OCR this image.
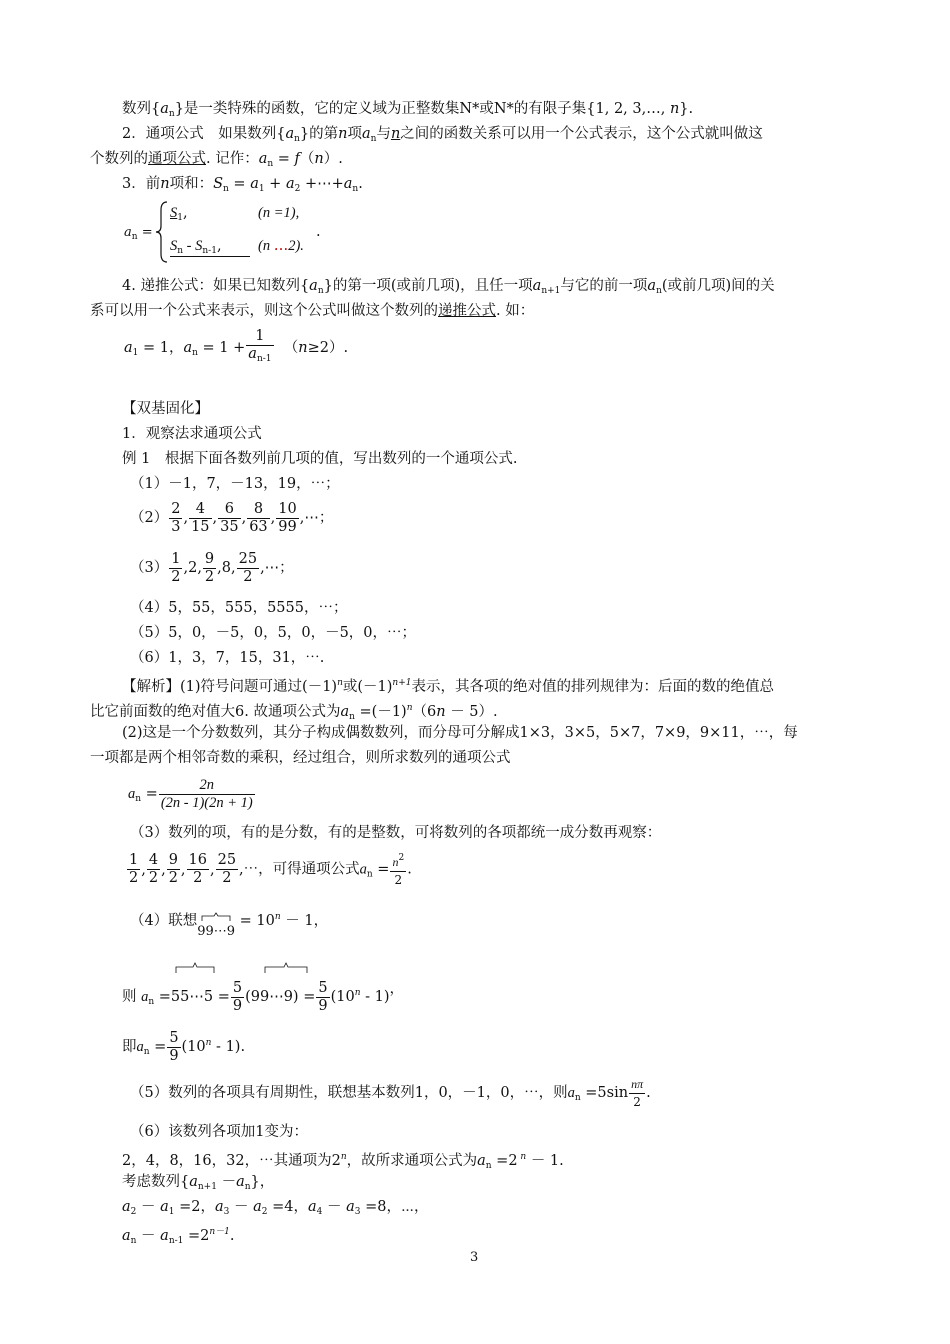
数列$\{a_n\}$是一类特殊的函数，它的定义域为正整数集N*或N*的有限子集{1, 2, 3,…, n}.
2．通项公式　如果数列$\{a_n\}$的第n项$a_n$与n之间的函数关系可以用一个公式表示，这个公式就叫做这
个数列的通项公式. 记作：$a_n = f(n)$.
3．前n项和：$S_n = a_1 + a_2$ $+\cdots+a_n$.
$a_n$ =
$S_1$,	(n =1),
$S_n - S_{n-1}$,	(n …2).
.
4. 递推公式：如果已知数列$\{a_n\}$的第一项(或前几项)，且任一项$a_{n+1}$与它的前一项$a_n$(或前几项)间的关
系可以用一个公式来表示，则这个公式叫做这个数列的递推公式. 如：
$a_1 = 1$，$a_n = 1 + \frac{1}{a_{n-1}} (n\ge 2)$.
【双基固化】
1．观察法求通项公式
例 1　根据下面各数列前几项的值，写出数列的一个通项公式.
（1）－1，7，－13，19，⋯；
$(2) \frac{2}{3}$ , $\frac{4}{15}$ , $\frac{6}{35}$ , $\frac{8}{63}$ , $\frac{10}{99}$ ,⋯；
$(3) \frac{1}{2} ,2$, $\frac{9}{2} ,8$, $\frac{25}{2}$ ,⋯；
（4）5，55，555，5555，⋯；
（5）5，0，－5，0，5，0，－5，0，⋯；
（6）1，3，7，15，31，⋯.
【解析】(1)符号问题可通过$(-1)^n$或$(-1)^{n+1}$表示，其各项的绝对值的排列规律为：后面的数的绝值总
比它前面数的绝对值大6. 故通项公式为$a_n =(-1)^n(6n - 5)$.
(2)这是一个分数数列，其分子构成偶数数列，而分母可分解成1×3，3×5，5×7，7×9，9×11，⋯，每
一项都是两个相邻奇数的乘积，经过组合，则所求数列的通项公式
$a_n = \frac{2n}{(2n - 1)(2n + 1)}$
（3）数列的项，有的是分数，有的是整数，可将数列的各项都统一成分数再观察：
$\frac{1}{2}$ , $\frac{4}{2}$ , $\frac{9}{2}$ , $\frac{16}{2}$ , $\frac{25}{2}$ ,⋯，可得通项公式$a_n = \frac{n^2}{2}$ .
（4）联想99⋯9
= $10^n - 1$，
则 $a_n$ =55⋯5 = $\frac{5}{9}$ (99⋯9) = $\frac{5}{9} (10^n - 1)$，
即$a_n = \frac{5}{9} (10^n - 1)$.
（5）数列的各项具有周期性，联想基本数列1，0，－1，0，⋯，则$a_n =5\sin \frac{n\pi}{2}$ .
（6）该数列各项加1变为：
2，4，8，16，32，⋯其通项为2$^n$，故所求通项公式为$a_n =2$ $^n$ － 1.
考虑数列$\{a_{n+1} -a_n\}$，
$a_2 - a_1 =2$，$a_3 - a_2 =4$，$a_4 - a_3 =8$，⋯，
$a_n - a_{n-1} =2^{n-1}$.
3
